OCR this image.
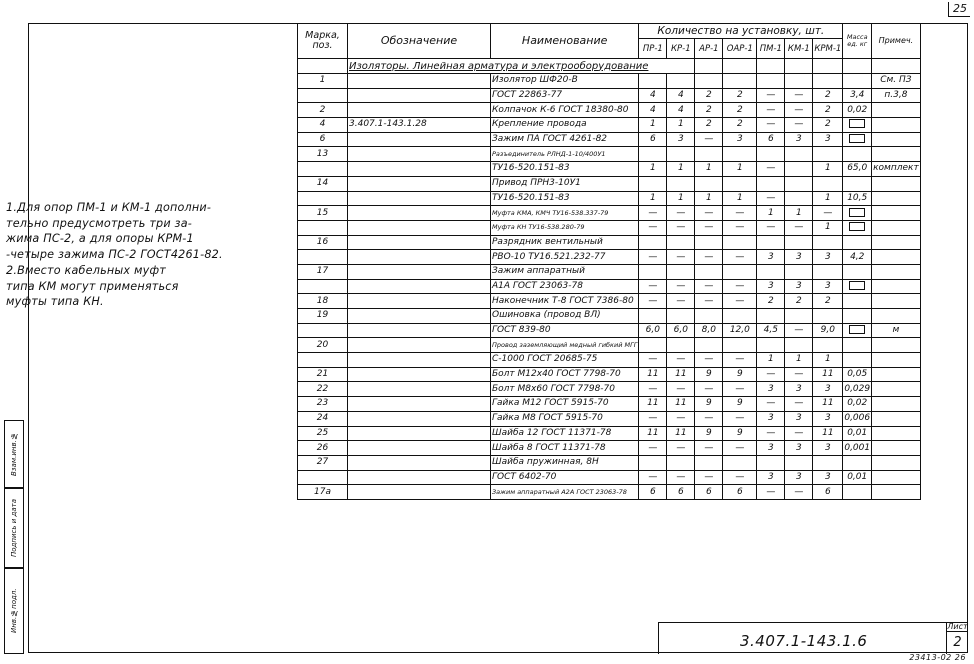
25
Инв.№подл.
Подпись и дата
Взам.инв.№

1.Для опор ПМ-1 и КМ-1 дополни-

тельно предусмотреть три за-

жима ПС-2, а для опоры КРМ-1

-четыре зажима ПС-2 ГОСТ4261-82.

2.Вместо кабельных муфт

типа КМ могут применяться

муфты типа КН.

Марка, поз.	Обозначение	Наименование	Количество на установку, шт.							Масса ед. кг	Примеч.
			ПР-1	КР-1	АР-1	ОАР-1	ПМ-1	КМ-1	КРМ-1		
	Изоляторы. Линейная арматура и электрооборудование										
1		Изолятор ШФ20-В									См. ПЗ
		ГОСТ 22863-77	4	4	2	2	—	—	2	3,4	п.3,8
2		Колпачок К-6 ГОСТ 18380-80	4	4	2	2	—	—	2	0,02	
4	3.407.1-143.1.28	Крепление провода	1	1	2	2	—	—	2		
6		Зажим ПА ГОСТ 4261-82	6	3	—	3	6	3	3		
13		Разъединитель РЛНД-1-10/400У1									
		ТУ16-520.151-83	1	1	1	1	—		1	65,0	комплект
14		Привод ПРН3-10У1									
		ТУ16-520.151-83	1	1	1	1	—		1	10,5	
15		Муфта КМА, КМЧ ТУ16-538.337-79	—	—	—	—	1	1	—		
		Муфта КН ТУ16-538.280-79	—	—	—	—	—	—	1		
16		Разрядник вентильный									
		РВО-10 ТУ16.521.232-77	—	—	—	—	3	3	3	4,2	
17		Зажим аппаратный									
		А1А ГОСТ 23063-78	—	—	—	—	3	3	3		
18		Наконечник Т-8 ГОСТ 7386-80	—	—	—	—	2	2	2		
19		Ошиновка (провод ВЛ)									
		ГОСТ 839-80	6,0	6,0	8,0	12,0	4,5	—	9,0		м
20		Провод заземляющий медный гибкий МГГ									
		С-1000 ГОСТ 20685-75	—	—	—	—	1	1	1		
21		Болт М12х40 ГОСТ 7798-70	11	11	9	9	—	—	11	0,05	
22		Болт М8х60 ГОСТ 7798-70	—	—	—	—	3	3	3	0,029	
23		Гайка М12 ГОСТ 5915-70	11	11	9	9	—	—	11	0,02	
24		Гайка М8 ГОСТ 5915-70	—	—	—	—	3	3	3	0,006	
25		Шайба 12 ГОСТ 11371-78	11	11	9	9	—	—	11	0,01	
26		Шайба 8 ГОСТ 11371-78	—	—	—	—	3	3	3	0,001	
27		Шайба пружинная, 8Н									
		ГОСТ 6402-70	—	—	—	—	3	3	3	0,01	
17а		Зажим аппаратный А2А ГОСТ 23063-78	6	6	6	6	—	—	6		
3.407.1-143.1.6
Лист
2
23413-02 26
